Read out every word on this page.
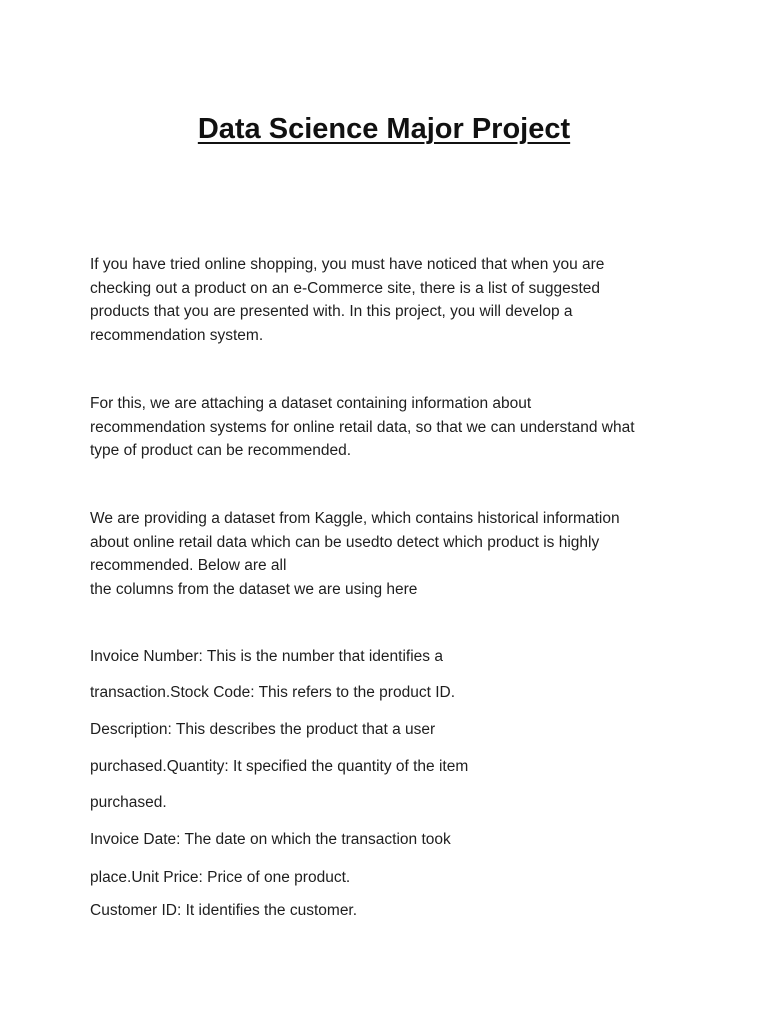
Data Science Major Project
If you have tried online shopping, you must have noticed that when you are
checking out a product on an e-Commerce site, there is a list of suggested
products that you are presented with. In this project, you will develop a
recommendation system.
For this, we are attaching a dataset containing information about
recommendation systems for online retail data, so that we can understand what
type of product can be recommended.
We are providing a dataset from Kaggle, which contains historical information
about online retail data which can be usedto detect which product is highly
recommended. Below are all
the columns from the dataset we are using here
Invoice Number: This is the number that identifies a
transaction.Stock Code: This refers to the product ID.
Description: This describes the product that a user
purchased.Quantity: It specified the quantity of the item
purchased.
Invoice Date: The date on which the transaction took
place.Unit Price: Price of one product.
Customer ID: It identifies the customer.
